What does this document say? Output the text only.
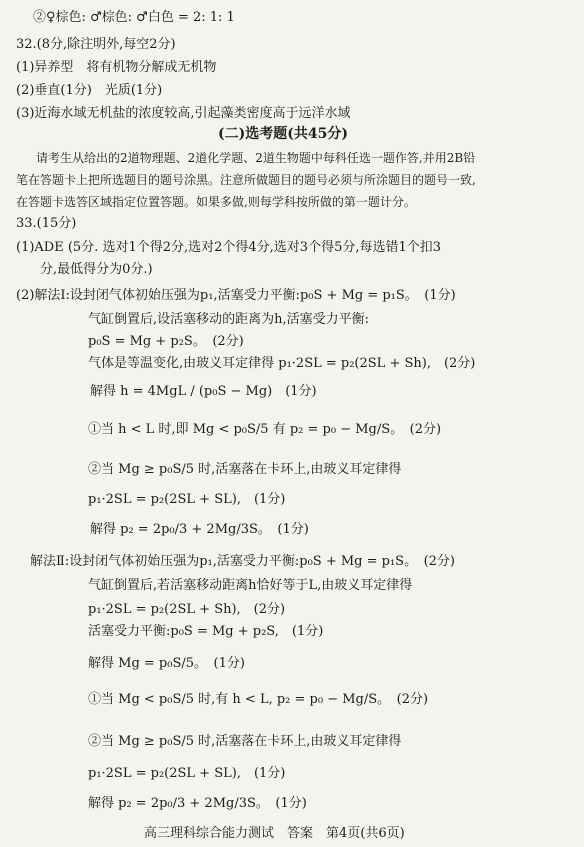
②♀棕色: ♂棕色: ♂白色 = 2: 1: 1
32.(8分,除注明外,每空2分)
(1)异养型　将有机物分解成无机物
(2)垂直(1分)　光质(1分)
(3)近海水域无机盐的浓度较高,引起藻类密度高于远洋水域
(二)选考题(共45分)
请考生从给出的2道物理题、2道化学题、2道生物题中每科任选一题作答,并用2B铅
笔在答题卡上把所选题目的题号涂黑。注意所做题目的题号必须与所涂题目的题号一致,
在答题卡选答区域指定位置答题。如果多做,则每学科按所做的第一题计分。
33.(15分)
(1)ADE (5分. 选对1个得2分,选对2个得4分,选对3个得5分,每选错1个扣3
分,最低得分为0分.)
(2)解法Ⅰ:设封闭气体初始压强为p₁,活塞受力平衡:p₀S + Mg = p₁S。　(1分)
气缸倒置后,设活塞移动的距离为h,活塞受力平衡:
p₀S = Mg + p₂S。　(2分)
气体是等温变化,由玻义耳定律得 p₁·2SL = p₂(2SL + Sh),　(2分)
解得 h = 4MgL / (p₀S − Mg)　(1分)
①当 h < L 时,即 Mg < p₀S/5 有 p₂ = p₀ − Mg/S。　(2分)
②当 Mg ≥ p₀S/5 时,活塞落在卡环上,由玻义耳定律得
p₁·2SL = p₂(2SL + SL),　(1分)
解得 p₂ = 2p₀/3 + 2Mg/3S。　(1分)
解法Ⅱ:设封闭气体初始压强为p₁,活塞受力平衡:p₀S + Mg = p₁S。　(2分)
气缸倒置后,若活塞移动距离h恰好等于L,由玻义耳定律得
p₁·2SL = p₂(2SL + Sh),　(2分)
活塞受力平衡:p₀S = Mg + p₂S,　(1分)
解得 Mg = p₀S/5。　(1分)
①当 Mg < p₀S/5 时,有 h < L, p₂ = p₀ − Mg/S。　(2分)
②当 Mg ≥ p₀S/5 时,活塞落在卡环上,由玻义耳定律得
p₁·2SL = p₂(2SL + SL),　(1分)
解得 p₂ = 2p₀/3 + 2Mg/3S。　(1分)
高三理科综合能力测试　答案　第4页(共6页)
